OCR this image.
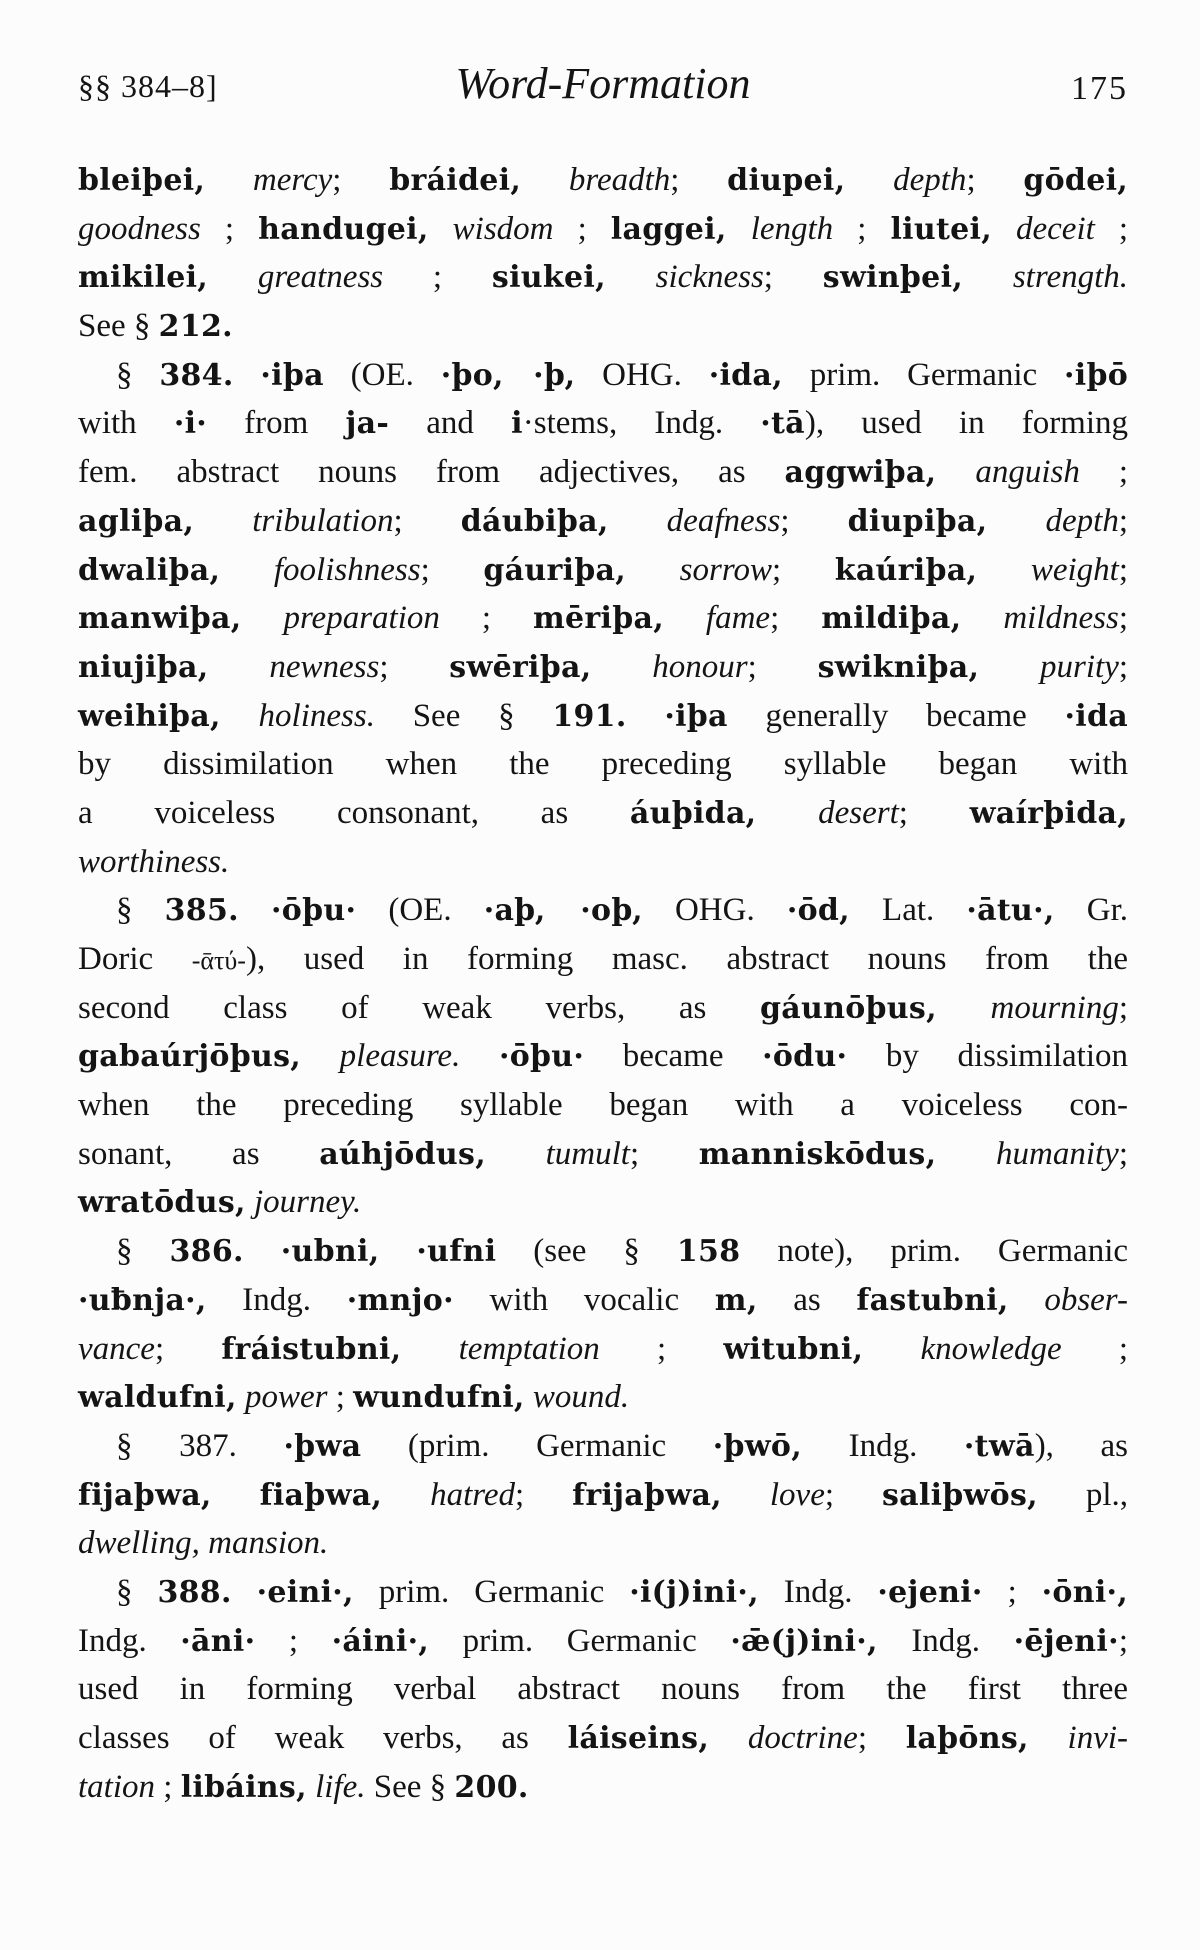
§§ 384–8]	Word-Formation	175
bleiþei, mercy; bráidei, breadth; diupei, depth; gōdei,
goodness ; handugei, wisdom ; laggei, length ; liutei, deceit ;
mikilei, greatness ; siukei, sickness; swinþei, strength.
See § 212.
§ 384. ·iþa (OE. ·þo, ·þ, OHG. ·ida, prim. Germanic ·iþō
with ·i· from ja- and i·stems, Indg. ·tā), used in forming
fem. abstract nouns from adjectives, as aggwiþa, anguish ;
agliþa, tribulation; dáubiþa, deafness; diupiþa, depth;
dwaliþa, foolishness; gáuriþa, sorrow; kaúriþa, weight;
manwiþa, preparation ; mēriþa, fame; mildiþa, mildness;
niujiþa, newness; swēriþa, honour; swikniþa, purity;
weihiþa, holiness. See § 191. ·iþa generally became ·ida
by dissimilation when the preceding syllable began with
a voiceless consonant, as áuþida, desert; waírþida,
worthiness.
§ 385. ·ōþu· (OE. ·aþ, ·oþ, OHG. ·ōd, Lat. ·ātu·, Gr.
Doric -ᾱτύ-), used in forming masc. abstract nouns from the
second class of weak verbs, as gáunōþus, mourning;
gabaúrjōþus, pleasure. ·ōþu· became ·ōdu· by dissimilation
when the preceding syllable began with a voiceless con-
sonant, as aúhjōdus, tumult; manniskōdus, humanity;
wratōdus, journey.
§ 386. ·ubni, ·ufni (see § 158 note), prim. Germanic
·uƀnja·, Indg. ·mnjo· with vocalic m, as fastubni, obser-
vance; fráistubni, temptation ; witubni, knowledge ;
waldufni, power ; wundufni, wound.
§ 387. ·þwa (prim. Germanic ·þwō, Indg. ·twā), as
fijaþwa, fiaþwa, hatred; frijaþwa, love; saliþwōs, pl.,
dwelling, mansion.
§ 388. ·eini·, prim. Germanic ·i(j)ini·, Indg. ·ejeni· ; ·ōni·,
Indg. ·āni· ; ·áini·, prim. Germanic ·ǣ(j)ini·, Indg. ·ējeni·;
used in forming verbal abstract nouns from the first three
classes of weak verbs, as láiseins, doctrine; laþōns, invi-
tation ; libáins, life. See § 200.
